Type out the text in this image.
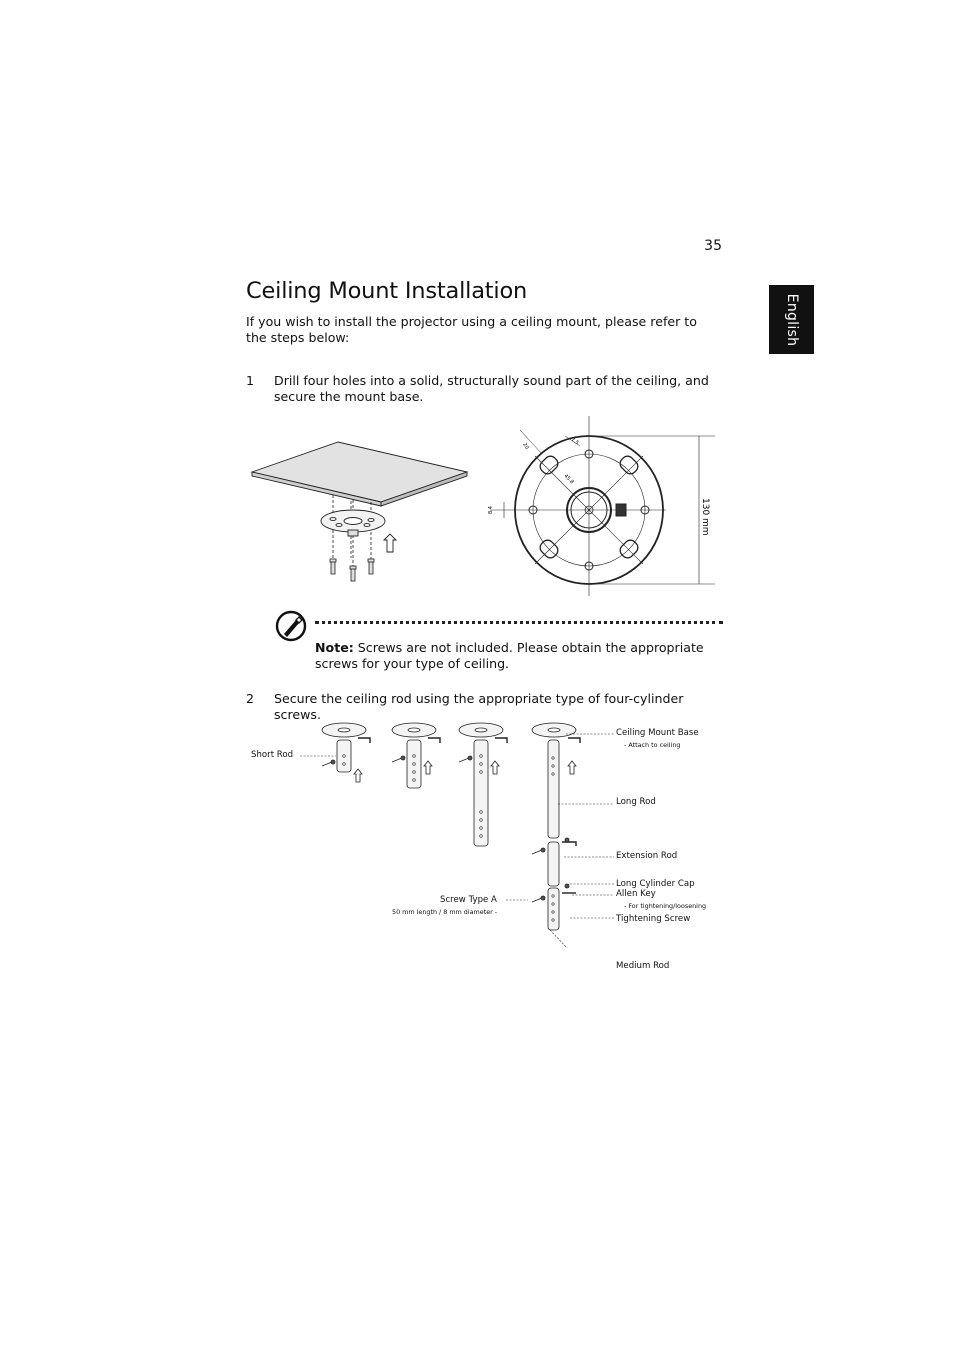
35
English
Ceiling Mount Installation
If you wish to install the projector using a ceiling mount, please refer to the steps below:
1 Drill four holes into a solid, structurally sound part of the ceiling, and secure the mount base.
20
7.5
45.8
8.4	130 mm
Note: Screws are not included. Please obtain the appropriate screws for your type of ceiling.
2 Secure the ceiling rod using the appropriate type of four-cylinder screws.
Short Rod
Ceiling Mount Base
- Attach to ceiling
Long Rod
Extension Rod
Long Cylinder Cap
Allen Key
- For tightening/loosening
Tightening Screw
Screw Type A
50 mm length / 8 mm diameter -
Medium Rod
